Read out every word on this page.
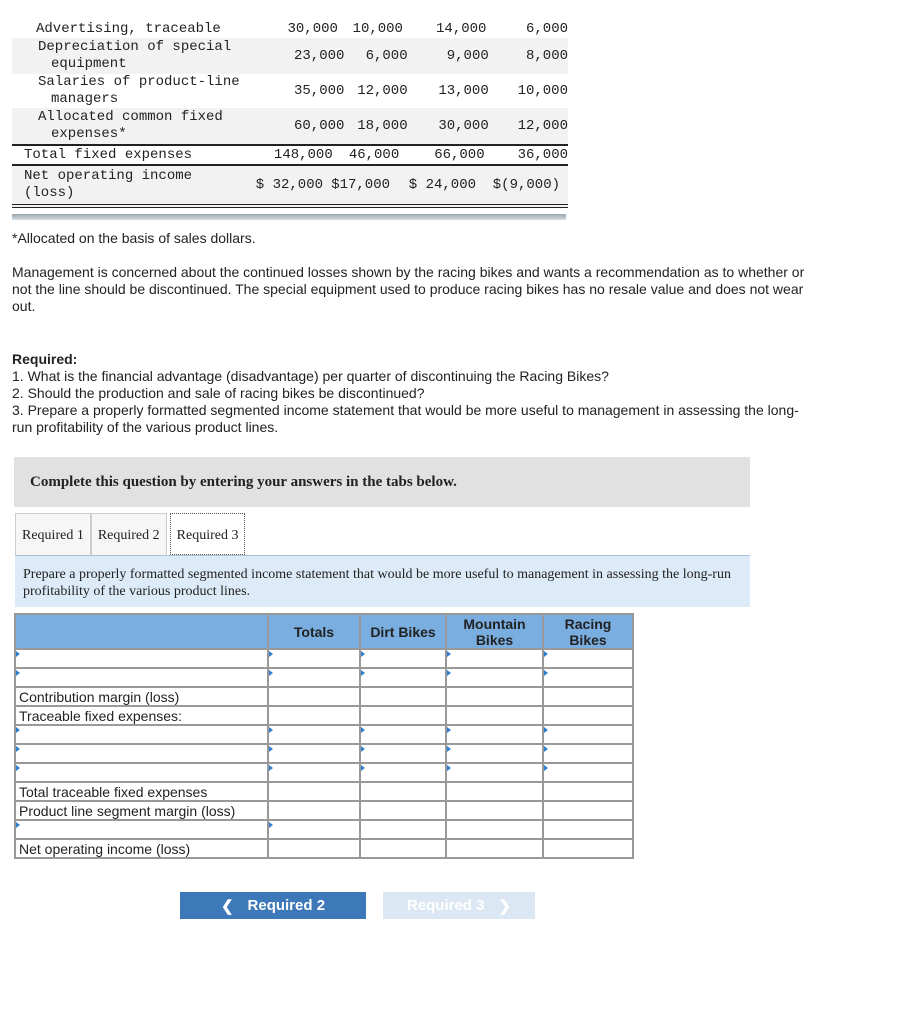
Advertising, traceable	30,000	10,000	14,000	6,000
Depreciation of special equipment
23,000	6,000	9,000	8,000
Salaries of product-line managers
35,000 12,000	13,000	10,000
Allocated common fixed expenses*
60,000 18,000	30,000	12,000
Total fixed expenses	148,000	46,000	66,000	36,000
Net operating income (loss)
$ 32,000 $17,000	$ 24,000	$(9,000)
*Allocated on the basis of sales dollars.
Management is concerned about the continued losses shown by the racing bikes and wants a recommendation as to whether or not the line should be discontinued. The special equipment used to produce racing bikes has no resale value and does not wear out.
Required:
1. What is the financial advantage (disadvantage) per quarter of discontinuing the Racing Bikes?
2. Should the production and sale of racing bikes be discontinued?
3. Prepare a properly formatted segmented income statement that would be more useful to management in assessing the long-run profitability of the various product lines.
Complete this question by entering your answers in the tabs below.
Required 1	Required 2	Required 3
Prepare a properly formatted segmented income statement that would be more useful to management in assessing the long-run profitability of the various product lines.
	Totals	Dirt Bikes	Mountain Bikes	Racing Bikes

Contribution margin (loss)				
Traceable fixed expenses:				

Total traceable fixed expenses				
Product line segment margin (loss)				

Net operating income (loss)				
❮ Required 2	Required 3 ❯
